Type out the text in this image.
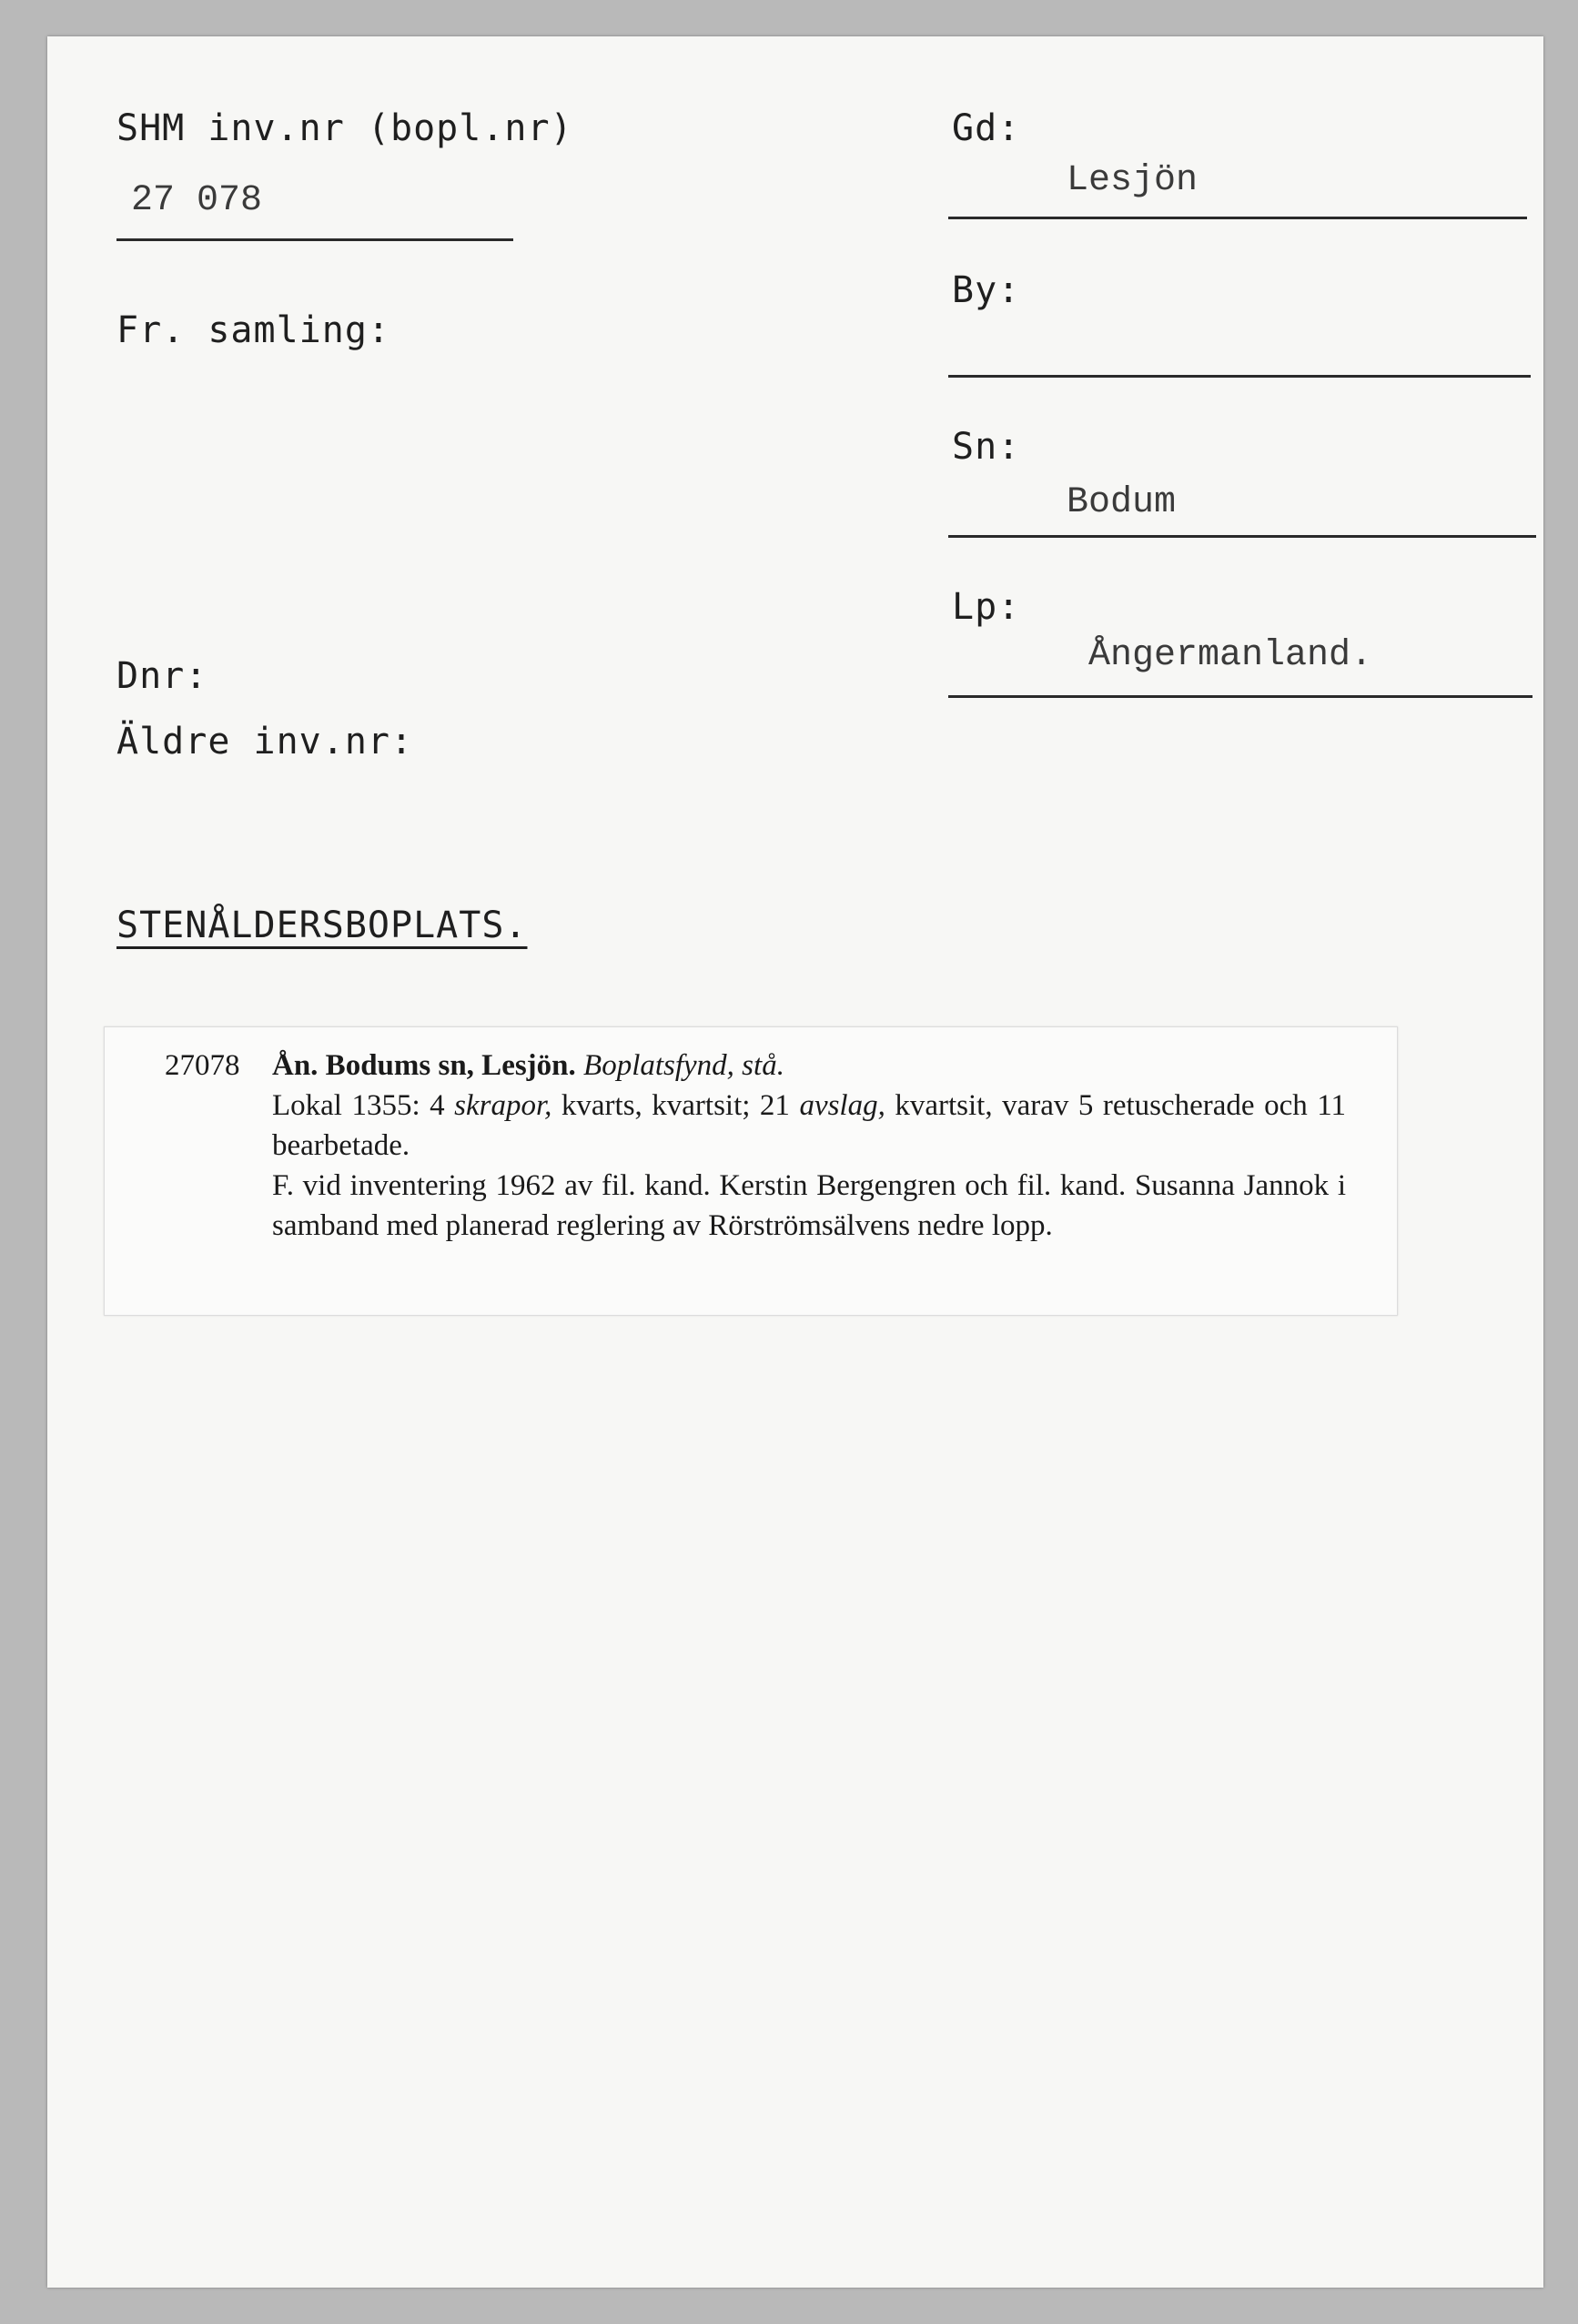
SHM inv.nr (bopl.nr)
27 078
Fr. samling:
Dnr:
Äldre inv.nr:
Gd:
Lesjön
By:
Sn:
Bodum
Lp:
Ångermanland.
STENÅLDERSBOPLATS.
27078 Ån. Bodums sn, Lesjön. Boplatsfynd, stå.

Lokal 1355: 4 skrapor, kvarts, kvartsit; 21 avslag, kvartsit, varav 5 retuscherade och 11 bearbetade.

F. vid inventering 1962 av fil. kand. Kerstin Bergengren och fil. kand. Susanna Jannok i samband med planerad reglering av Rörströmsälvens nedre lopp.
